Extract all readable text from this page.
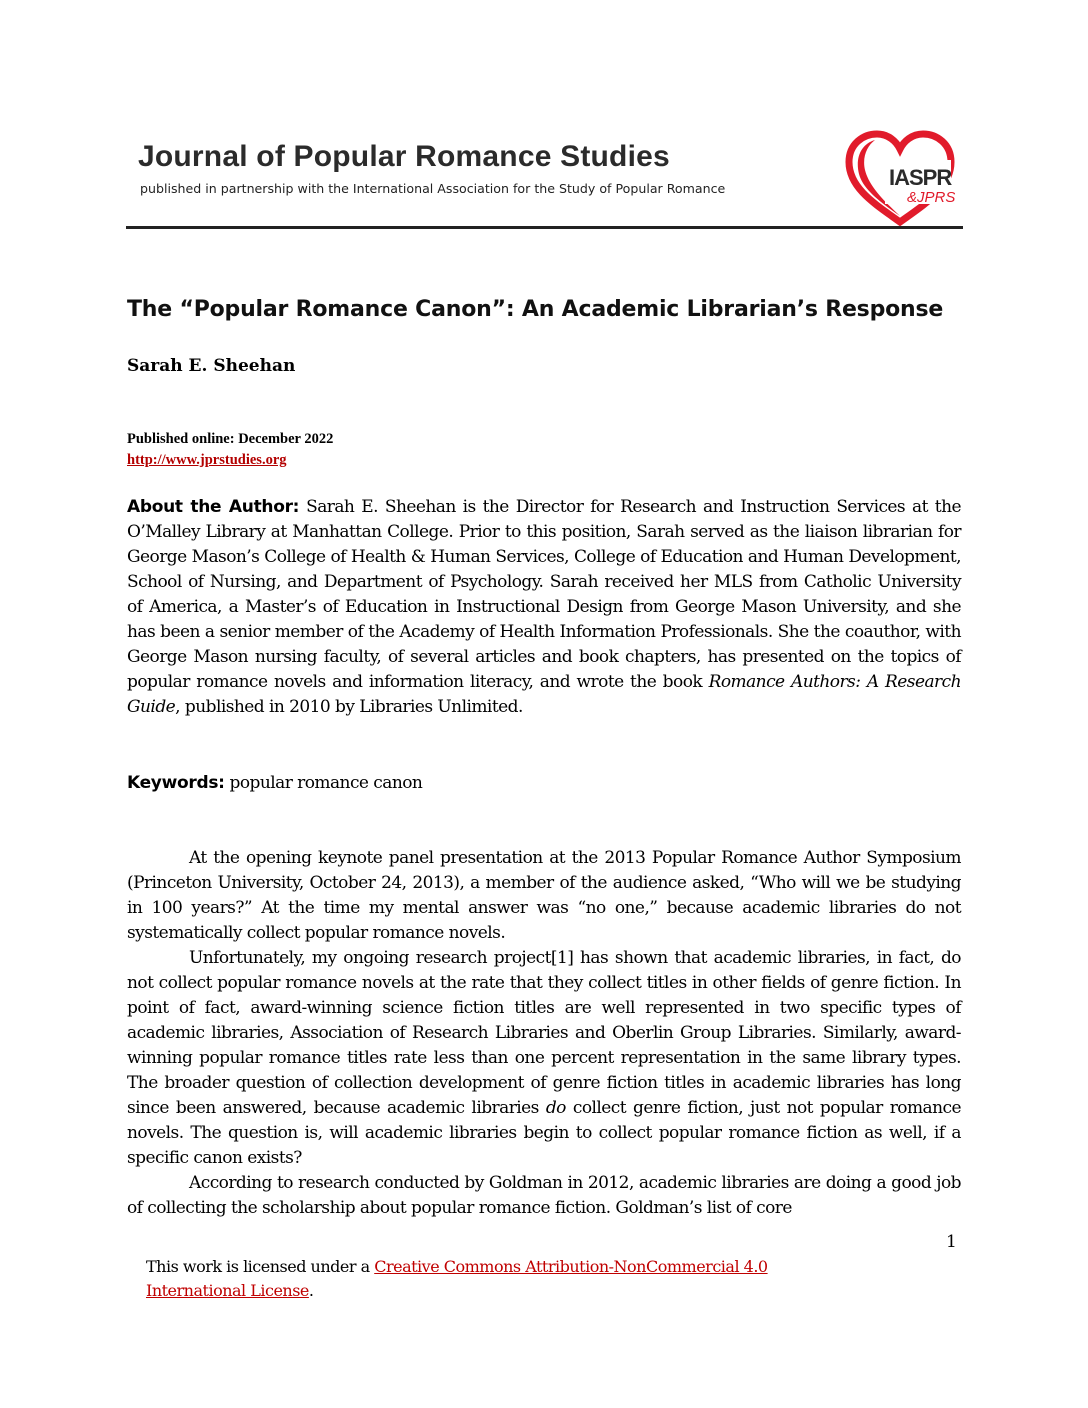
Journal of Popular Romance Studies
published in partnership with the International Association for the Study of Popular Romance	IASPR
&JPRS
The “Popular Romance Canon”: An Academic Librarian’s Response
Sarah E. Sheehan
Published online: December 2022
http://www.jprstudies.org
About the Author: Sarah E. Sheehan is the Director for Research and Instruction Services at the O’Malley Library at Manhattan College. Prior to this position, Sarah served as the liaison librarian for George Mason’s College of Health & Human Services, College of Education and Human Development, School of Nursing, and Department of Psychology. Sarah received her MLS from Catholic University of America, a Master’s of Education in Instructional Design from George Mason University, and she has been a senior member of the Academy of Health Information Professionals. She the coauthor, with George Mason nursing faculty, of several articles and book chapters, has presented on the topics of popular romance novels and information literacy, and wrote the book Romance Authors: A Research Guide, published in 2010 by Libraries Unlimited.
Keywords: popular romance canon

At the opening keynote panel presentation at the 2013 Popular Romance Author Symposium (Princeton University, October 24, 2013), a member of the audience asked, “Who will we be studying in 100 years?” At the time my mental answer was “no one,” because academic libraries do not systematically collect popular romance novels.

Unfortunately, my ongoing research project[1] has shown that academic libraries, in fact, do not collect popular romance novels at the rate that they collect titles in other fields of genre fiction. In point of fact, award-winning science fiction titles are well represented in two specific types of academic libraries, Association of Research Libraries and Oberlin Group Libraries. Similarly, award-winning popular romance titles rate less than one percent representation in the same library types. The broader question of collection development of genre fiction titles in academic libraries has long since been answered, because academic libraries do collect genre fiction, just not popular romance novels. The question is, will academic libraries begin to collect popular romance fiction as well, if a specific canon exists?

According to research conducted by Goldman in 2012, academic libraries are doing a good job of collecting the scholarship about popular romance fiction. Goldman’s list of core

1
This work is licensed under a Creative Commons Attribution-NonCommercial 4.0 International License.
